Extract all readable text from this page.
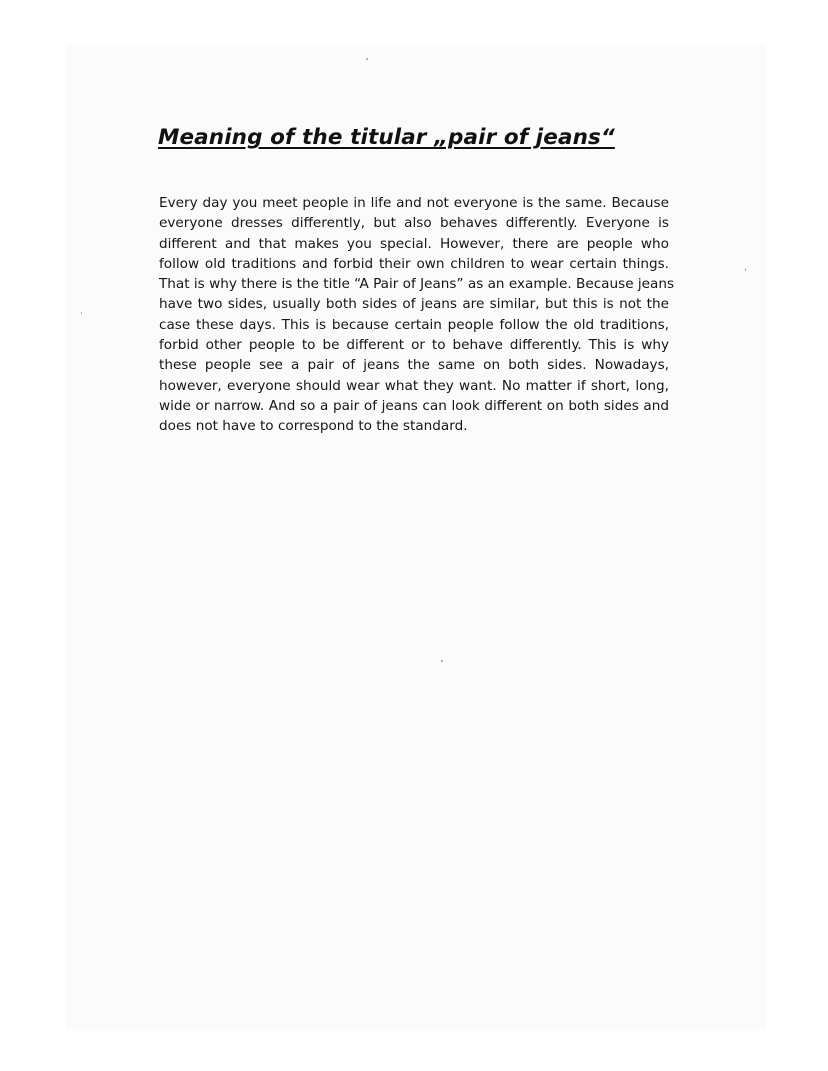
Meaning of the titular „pair of jeans“
Every day you meet people in life and not everyone is the same. Because
everyone dresses differently, but also behaves differently. Everyone is
different and that makes you special. However, there are people who
follow old traditions and forbid their own children to wear certain things.
That is why there is the title “A Pair of Jeans” as an example. Because jeans
have two sides, usually both sides of jeans are similar, but this is not the
case these days. This is because certain people follow the old traditions,
forbid other people to be different or to behave differently. This is why
these people see a pair of jeans the same on both sides. Nowadays,
however, everyone should wear what they want. No matter if short, long,
wide or narrow. And so a pair of jeans can look different on both sides and
does not have to correspond to the standard.
